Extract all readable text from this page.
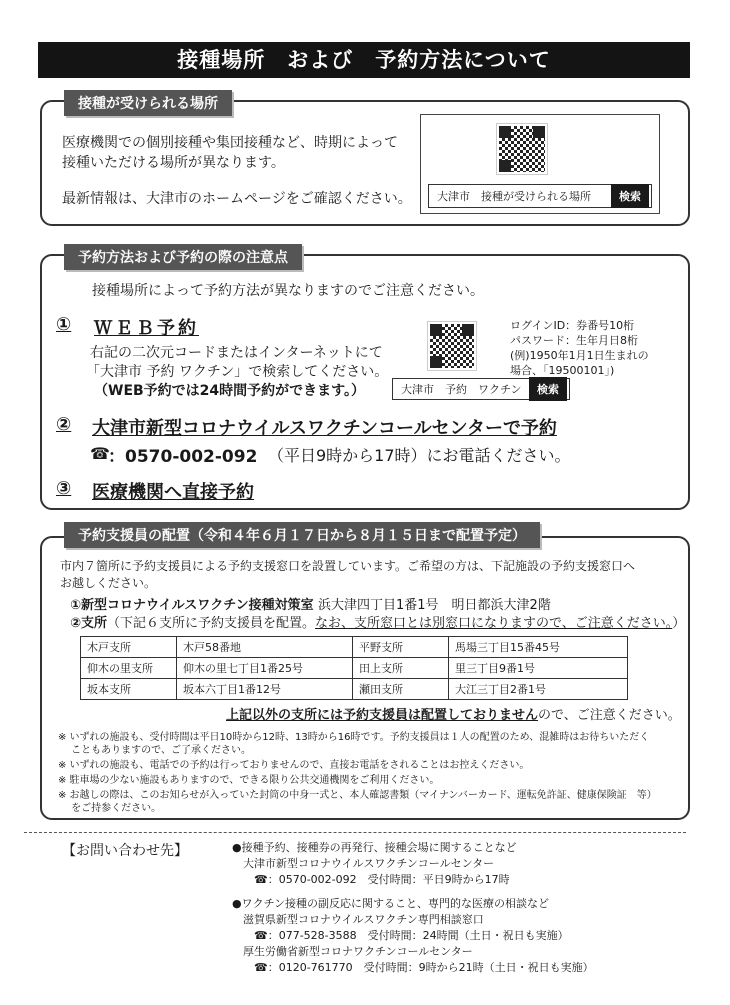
接種場所　および　予約方法について
接種が受けられる場所
医療機関での個別接種や集団接種など、時期によって
接種いただける場所が異なります。
最新情報は、大津市のホームページをご確認ください。	大津市　接種が受けられる場所	検索
予約方法および予約の際の注意点
接種場所によって予約方法が異なりますのでご注意ください。
① ＷＥＢ予約
右記の二次元コードまたはインターネットにて
「大津市 予約 ワクチン」で検索してください。
（WEB予約では24時間予約ができます。）
ログインID：券番号10桁
パスワード：生年月日8桁
(例)1950年1月1日生まれの
場合、「19500101」)
大津市　予約　ワクチン	検索
② 大津市新型コロナウイルスワクチンコールセンターで予約
☎
：0570-002-092 （平日9時から17時）にお電話ください。
③ 医療機関へ直接予約
予約支援員の配置（令和４年６月１７日から８月１５日まで配置予定）
市内７箇所に予約支援員による予約支援窓口を設置しています。ご希望の方は、下記施設の予約支援窓口へ
お越しください。
①新型コロナウイルスワクチン接種対策室 浜大津四丁目1番1号　明日都浜大津2階
②支所（下記６支所に予約支援員を配置。なお、支所窓口とは別窓口になりますので、ご注意ください。）
木戸支所	木戸58番地	平野支所	馬場三丁目15番45号
仰木の里支所	仰木の里七丁目1番25号	田上支所	里三丁目9番1号
坂本支所	坂本六丁目1番12号	瀬田支所	大江三丁目2番1号
上記以外の支所には予約支援員は配置しておりませんので、ご注意ください。
※ いずれの施設も、受付時間は平日10時から12時、13時から16時です。予約支援員は１人の配置のため、混雑時はお待ちいただく
　 こともありますので、ご了承ください。
※ いずれの施設も、電話での予約は行っておりませんので、直接お電話をされることはお控えください。
※ 駐車場の少ない施設もありますので、できる限り公共交通機関をご利用ください。
※ お越しの際は、このお知らせが入っていた封筒の中身一式と、本人確認書類（マイナンバーカード、運転免許証、健康保険証　等）
　 をご持参ください。
【お問い合わせ先】	●接種予約、接種券の再発行、接種会場に関することなど
　大津市新型コロナウイルスワクチンコールセンター
　　☎：0570-002-092　受付時間：平日9時から17時
●ワクチン接種の副反応に関すること、専門的な医療の相談など
　滋賀県新型コロナウイルスワクチン専門相談窓口
　　☎：077-528-3588　受付時間：24時間（土日・祝日も実施）
　厚生労働省新型コロナワクチンコールセンター
　　☎：0120-761770　受付時間：9時から21時（土日・祝日も実施）
